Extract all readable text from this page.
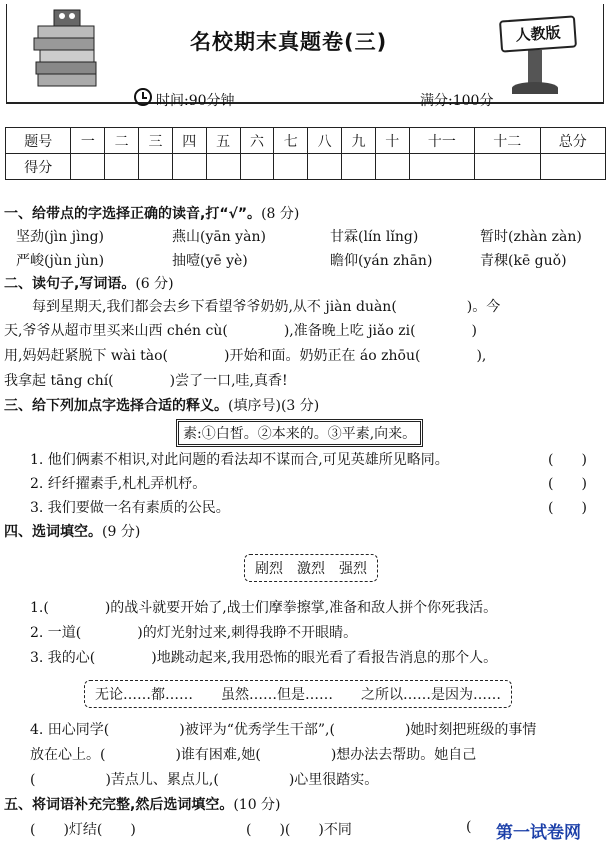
名校期末真题卷(三)	人教版
时间:90分钟	满分:100分
题号	一	二	三	四	五	六	七	八	九	十	十一	十二	总分
得分													
一、给带点的字选择正确的读音,打“√”。(8 分)
坚劲(jìn jìng)	燕山(yān yàn)	甘霖(lín lǐng)	暂时(zhàn zàn)
严峻(jùn jùn)	抽噎(yē yè)	瞻仰(yán zhān)	青稞(kē guǒ)
二、读句子,写词语。(6 分)
每到星期天,我们都会去乡下看望爷爷奶奶,从不 jiàn duàn(　　　　　)。今
天,爷爷从超市里买来山西 chén cù(　　　　),准备晚上吃 jiǎo zi(　　　　)
用,妈妈赶紧脱下 wài tào(　　　　)开始和面。奶奶正在 áo zhōu(　　　　),
我拿起 tāng chí(　　　　)尝了一口,哇,真香!
三、给下列加点字选择合适的释义。(填序号)(3 分)
素:①白皙。②本来的。③平素,向来。
1. 他们俩素不相识,对此问题的看法却不谋而合,可见英雄所见略同。	(　　)
2. 纤纤擢素手,札札弄机杼。	(　　)
3. 我们要做一名有素质的公民。	(　　)
四、选词填空。(9 分)
剧烈　激烈　强烈
1.(　　　　)的战斗就要开始了,战士们摩拳擦掌,准备和敌人拼个你死我活。
2. 一道(　　　　)的灯光射过来,刺得我睁不开眼睛。
3. 我的心(　　　　)地跳动起来,我用恐怖的眼光看了看报告消息的那个人。
无论……都……　　虽然……但是……　　之所以……是因为……
4. 田心同学(　　　　　)被评为“优秀学生干部”,(　　　　　)她时刻把班级的事情
放在心上。(　　　　　)谁有困难,她(　　　　　)想办法去帮助。她自己
(　　　　　)苦点儿、累点儿,(　　　　　)心里很踏实。
五、将词语补充完整,然后选词填空。(10 分)
(　　)灯结(　　)	(　　)(　　)不同	( 第一试卷网
